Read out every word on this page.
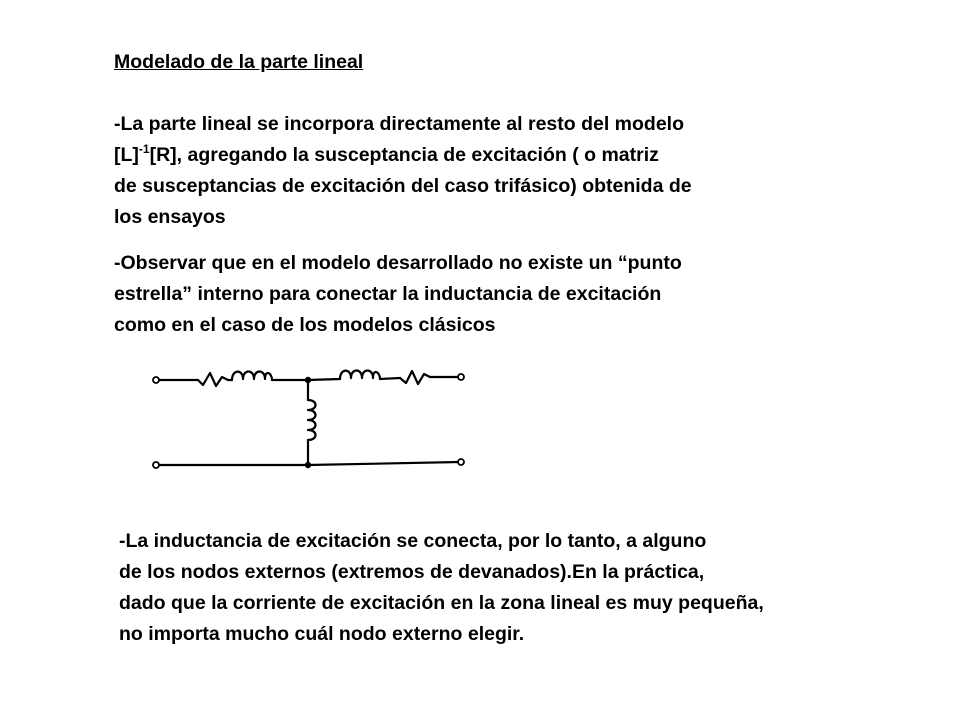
Modelado de la parte lineal
-La parte lineal se incorpora directamente al resto del modelo
$[L]^{-1}[R]$, agregando la susceptancia de excitación ( o matriz
de susceptancias de excitación del caso trifásico) obtenida de
los ensayos
-Observar que en el modelo desarrollado no existe un “punto
estrella” interno para conectar la inductancia de excitación
como en el caso de los modelos clásicos
-La inductancia de excitación se conecta, por lo tanto, a alguno
de los nodos externos (extremos de devanados).En la práctica,
dado que la corriente de excitación en la zona lineal es muy pequeña,
no importa mucho cuál nodo externo elegir.
